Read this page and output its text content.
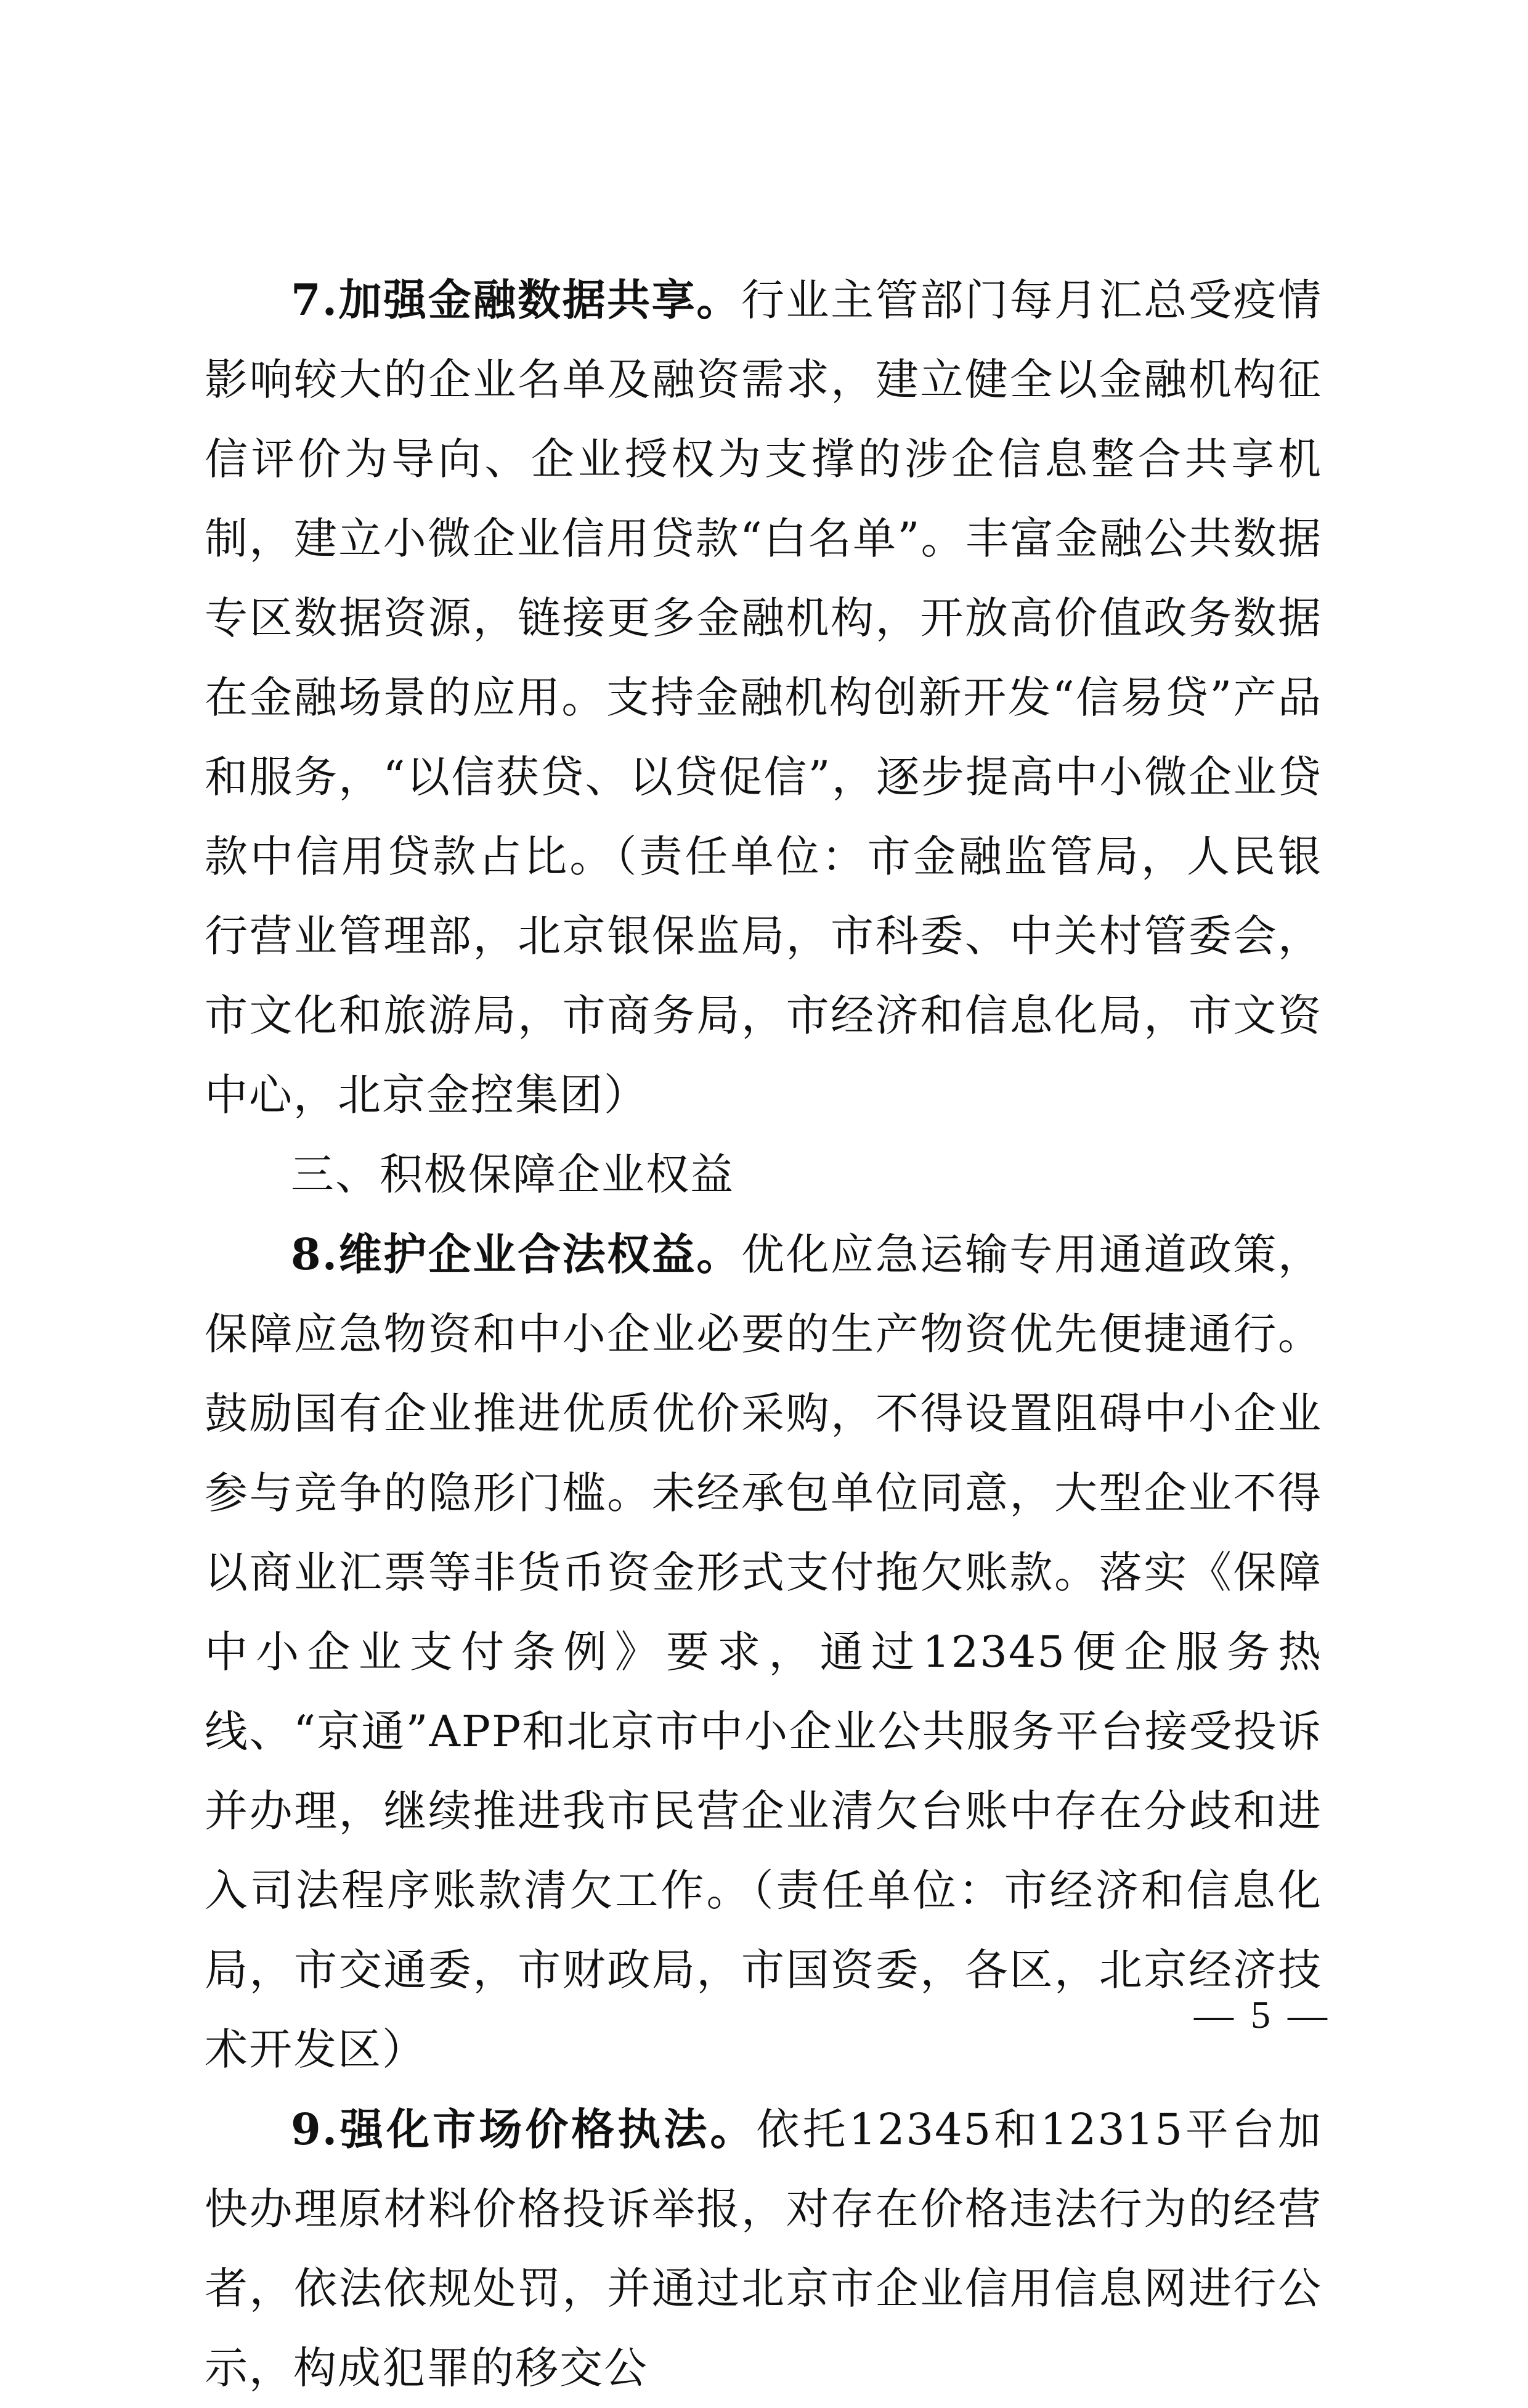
7.加强金融数据共享。行业主管部门每月汇总受疫情影响较大的企业名单及融资需求，建立健全以金融机构征信评价为导向、企业授权为支撑的涉企信息整合共享机制，建立小微企业信用贷款“白名单”。丰富金融公共数据专区数据资源，链接更多金融机构，开放高价值政务数据在金融场景的应用。支持金融机构创新开发“信易贷”产品和服务，“以信获贷、以贷促信”，逐步提高中小微企业贷款中信用贷款占比。（责任单位：市金融监管局，人民银行营业管理部，北京银保监局，市科委、中关村管委会，市文化和旅游局，市商务局，市经济和信息化局，市文资中心，北京金控集团）

三、积极保障企业权益

8.维护企业合法权益。优化应急运输专用通道政策，保障应急物资和中小企业必要的生产物资优先便捷通行。鼓励国有企业推进优质优价采购，不得设置阻碍中小企业参与竞争的隐形门槛。未经承包单位同意，大型企业不得以商业汇票等非货币资金形式支付拖欠账款。落实《保障中小企业支付条例》要求，通过12345便企服务热线、“京通”APP和北京市中小企业公共服务平台接受投诉并办理，继续推进我市民营企业清欠台账中存在分歧和进入司法程序账款清欠工作。（责任单位：市经济和信息化局，市交通委，市财政局，市国资委，各区，北京经济技术开发区）

9.强化市场价格执法。依托12345和12315平台加快办理原材料价格投诉举报，对存在价格违法行为的经营者，依法依规处罚，并通过北京市企业信用信息网进行公示，构成犯罪的移交公

— 5 —
